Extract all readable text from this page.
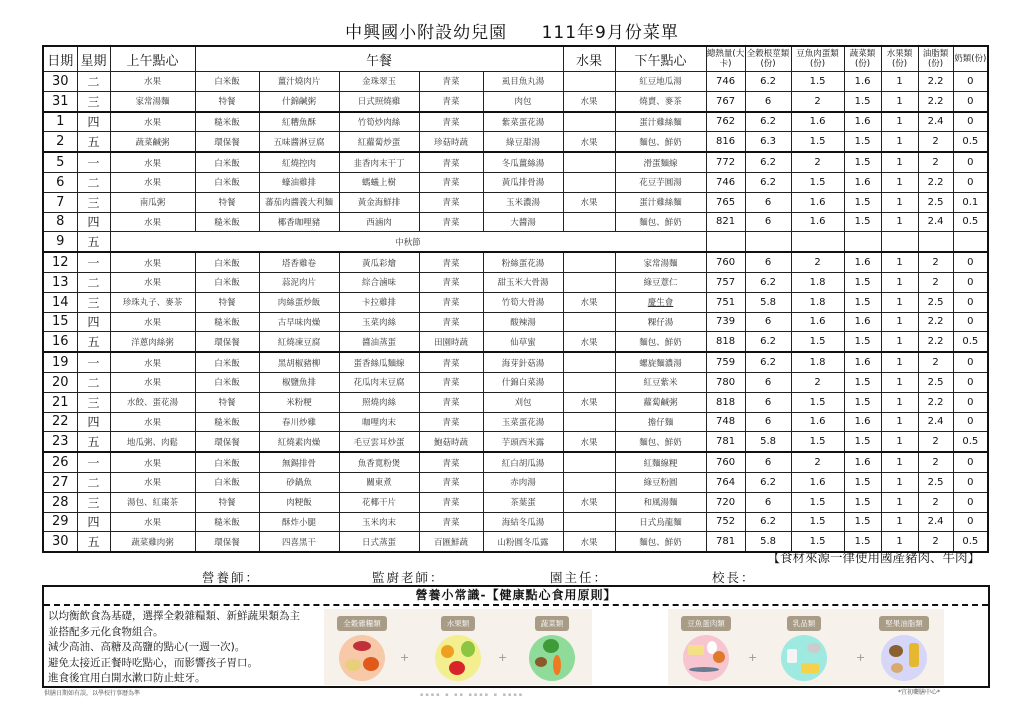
中興國小附設幼兒園 111年9月份菜單
日期	星期	上午點心	午餐					水果	下午點心	總熱量(大卡)	全穀根莖類(份)	豆魚肉蛋類(份)	蔬菜類(份)	水果類(份)	油脂類(份)	奶類(份)
30	二	水果	白米飯	薑汁燒肉片	金珠翠玉	青菜	虱目魚丸湯		紅豆地瓜湯	746	6.2	1.5	1.6	1	2.2	0
31	三	家常湯麵	特餐	什錦鹹粥	日式照燒雞	青菜	肉包	水果	燒賣、麥茶	767	6	2	1.5	1	2.2	0
1	四	水果	糙米飯	紅糟魚酥	竹筍炒肉絲	青菜	紫菜蛋花湯		蛋汁雞絲麵	762	6.2	1.6	1.6	1	2.4	0
2	五	蔬菜鹹粥	環保餐	五味醬淋豆腐	紅蘿蔔炒蛋	珍菇時蔬	綠豆甜湯	水果	麵包、鮮奶	816	6.3	1.5	1.5	1	2	0.5
5	一	水果	白米飯	紅燒控肉	韭香肉末干丁	青菜	冬瓜薑絲湯		滑蛋麵線	772	6.2	2	1.5	1	2	0
6	二	水果	白米飯	蠔油雞排	螞蟻上樹	青菜	黃瓜排骨湯		花豆芋圓湯	746	6.2	1.5	1.6	1	2.2	0
7	三	南瓜粥	特餐	蕃茄肉醬義大利麵	黃金海鮮排	青菜	玉米濃湯	水果	蛋汁雞絲麵	765	6	1.6	1.5	1	2.5	0.1
8	四	水果	糙米飯	椰香咖哩豬	西滷肉	青菜	大醬湯		麵包、鮮奶	821	6	1.6	1.5	1	2.4	0.5
9	五	中秋節														
12	一	水果	白米飯	塔香雞卷	黃瓜彩燴	青菜	粉絲蛋花湯		家常湯麵	760	6	2	1.6	1	2	0
13	二	水果	白米飯	蒜泥肉片	綜合滷味	青菜	甜玉米大骨湯		綠豆薏仁	757	6.2	1.8	1.5	1	2	0
14	三	珍珠丸子、麥茶	特餐	肉絲蛋炒飯	卡拉雞排	青菜	竹筍大骨湯	水果	慶生會	751	5.8	1.8	1.5	1	2.5	0
15	四	水果	糙米飯	古早味肉燥	玉菜肉絲	青菜	酸辣湯		粿仔湯	739	6	1.6	1.6	1	2.2	0
16	五	洋蔥肉絲粥	環保餐	紅燒凍豆腐	醬油蒸蛋	田園時蔬	仙草蜜	水果	麵包、鮮奶	818	6.2	1.5	1.5	1	2.2	0.5
19	一	水果	白米飯	黑胡椒豬柳	蛋香絲瓜麵線	青菜	海芽針菇湯		螺旋麵濃湯	759	6.2	1.8	1.6	1	2	0
20	二	水果	白米飯	椒鹽魚排	花瓜肉末豆腐	青菜	什錦白菜湯		紅豆紫米	780	6	2	1.5	1	2.5	0
21	三	水餃、蛋花湯	特餐	米粉粳	照燒肉絲	青菜	刈包	水果	蘿蔔鹹粥	818	6	1.5	1.5	1	2.2	0
22	四	水果	糙米飯	春川炒雞	咖哩肉末	青菜	玉菜蛋花湯		擔仔麵	748	6	1.6	1.6	1	2.4	0
23	五	地瓜粥、肉鬆	環保餐	紅燒素肉燥	毛豆雲耳炒蛋	鮑菇時蔬	芋頭西米露	水果	麵包、鮮奶	781	5.8	1.5	1.5	1	2	0.5
26	一	水果	白米飯	無錫排骨	魚香寬粉煲	青菜	紅白胡瓜湯		紅麵線粳	760	6	2	1.6	1	2	0
27	二	水果	白米飯	砂鍋魚	關東煮	青菜	赤肉湯		綠豆粉圓	764	6.2	1.6	1.5	1	2.5	0
28	三	湯包、紅棗茶	特餐	肉粳飯	花椰干片	青菜	茶葉蛋	水果	和風湯麵	720	6	1.5	1.5	1	2	0
29	四	水果	糙米飯	酥炸小腿	玉米肉末	青菜	海結冬瓜湯		日式烏龍麵	752	6.2	1.5	1.5	1	2.4	0
30	五	蔬菜雞肉粥	環保餐	四喜黑干	日式蒸蛋	百匯鮮蔬	山粉圓冬瓜露	水果	麵包、鮮奶	781	5.8	1.5	1.5	1	2	0.5
【食材來源一律使用國產豬肉、牛肉】
營養師：	監廚老師：	園主任：	校長：
營養小常識-【健康點心食用原則】
以均衡飲食為基礎，選擇全穀雜糧類、新鮮蔬果類為主
並搭配多元化食物組合。
減少高油、高糖及高鹽的點心(一週一次)。
避免太接近正餐時吃點心，而影響孩子胃口。
進食後宜用白開水漱口防止蛀牙。
全穀雜糧類
+
水果類
+
蔬菜類	豆魚蛋肉類
+
乳品類
+
堅果油脂類
供膳日期如有誤，以學校行事曆為準	▪▪▪▪ ▪ ▪▪ ▪▪▪▪ ▪ ▪▪▪▪	*宜初藥膳中心*
